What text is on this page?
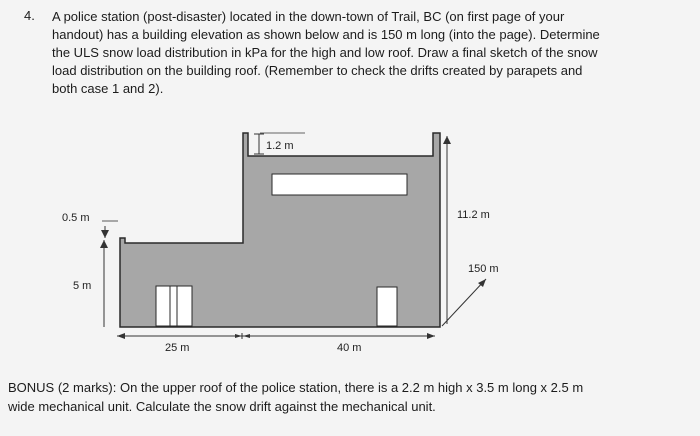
4. A police station (post-disaster) located in the down-town of Trail, BC (on first page of your
handout) has a building elevation as shown below and is 150 m long (into the page). Determine
the ULS snow load distribution in kPa for the high and low roof. Draw a final sketch of the snow
load distribution on the building roof. (Remember to check the drifts created by parapets and
both case 1 and 2).
1.2 m
0.5 m
5 m
11.2 m
150 m
25 m	40 m
BONUS (2 marks): On the upper roof of the police station, there is a 2.2 m high x 3.5 m long x 2.5 m
wide mechanical unit. Calculate the snow drift against the mechanical unit.
